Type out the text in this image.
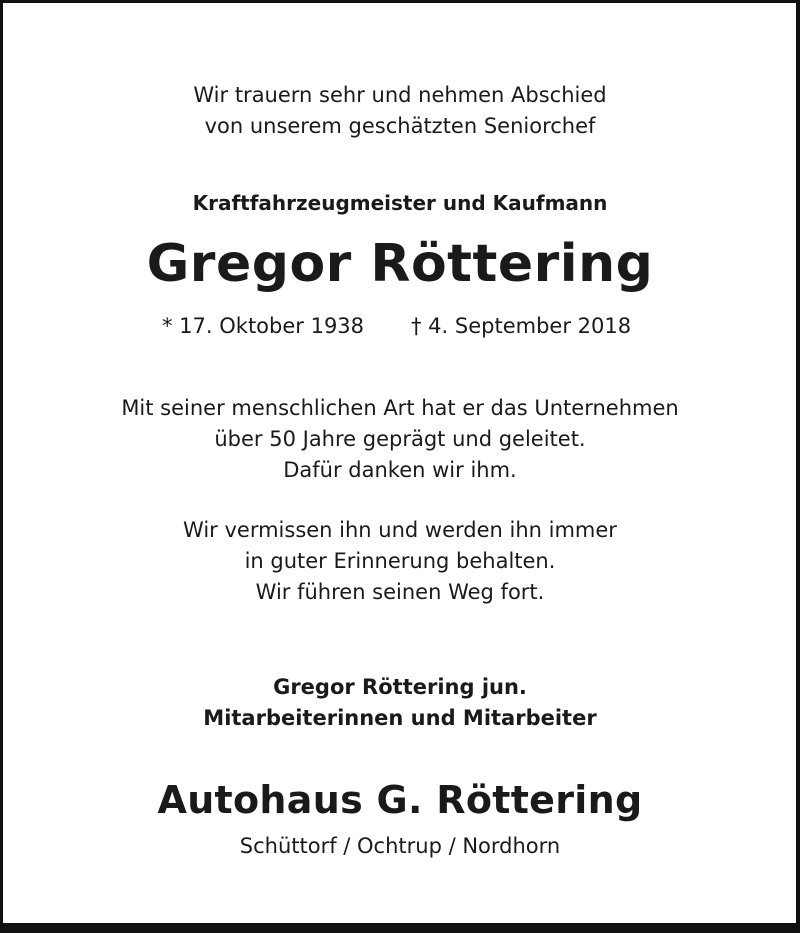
Wir trauern sehr und nehmen Abschied
von unserem geschätzten Seniorchef
Kraftfahrzeugmeister und Kaufmann
Gregor Röttering
* 17. Oktober 1938 † 4. September 2018
Mit seiner menschlichen Art hat er das Unternehmen
über 50 Jahre geprägt und geleitet.
Dafür danken wir ihm.
Wir vermissen ihn und werden ihn immer
in guter Erinnerung behalten.
Wir führen seinen Weg fort.
Gregor Röttering jun.
Mitarbeiterinnen und Mitarbeiter
Autohaus G. Röttering
Schüttorf / Ochtrup / Nordhorn
